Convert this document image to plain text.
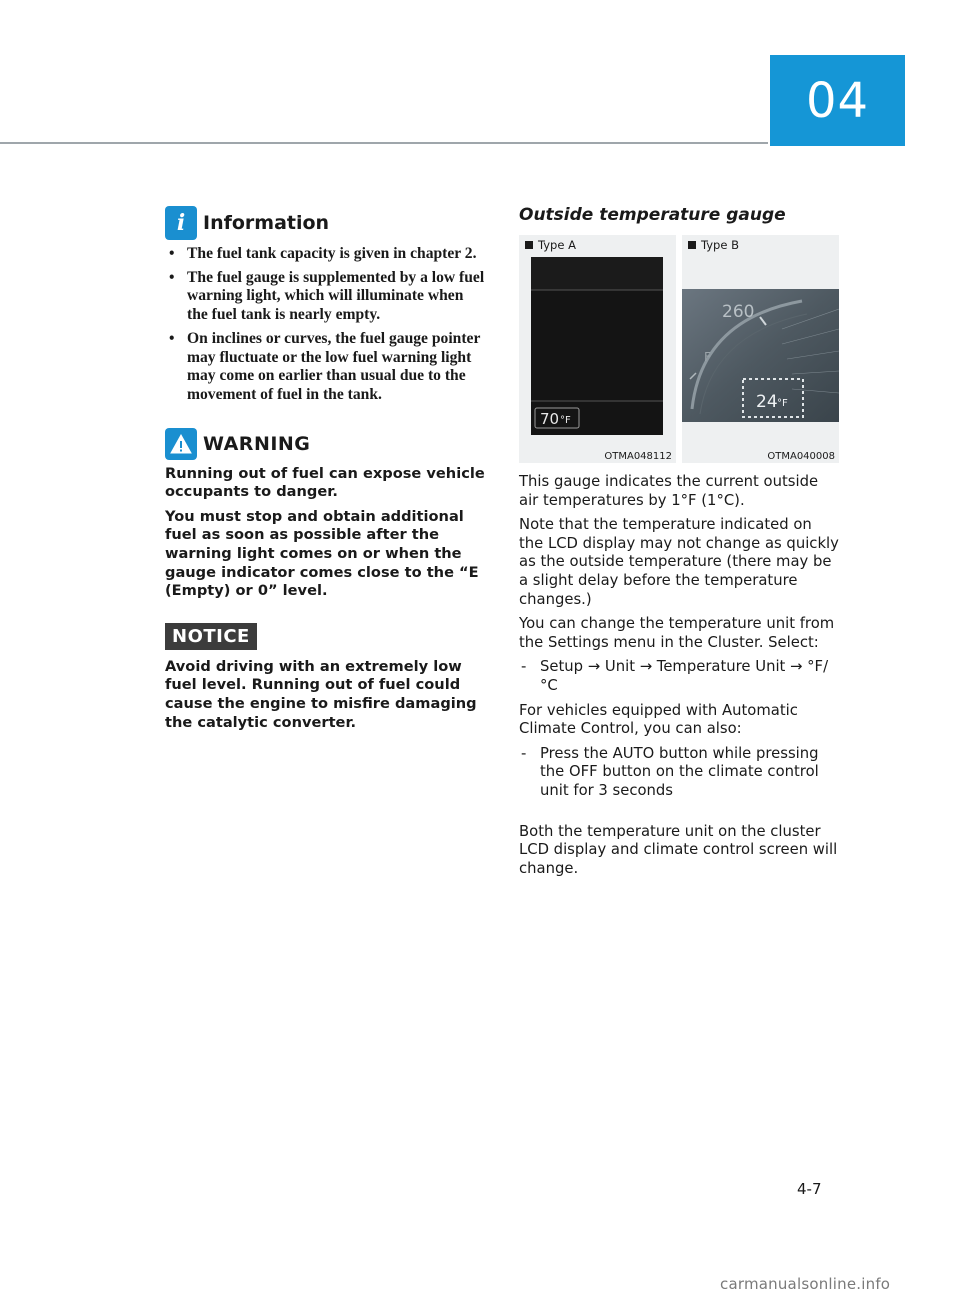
04
i Information
• The fuel tank capacity is given in chapter 2.
• The fuel gauge is supplemented by a low fuel warning light, which will illuminate when the fuel tank is nearly empty.
• On inclines or curves, the fuel gauge pointer may fluctuate or the low fuel warning light may come on earlier than usual due to the movement of fuel in the tank.
WARNING

Running out of fuel can expose vehicle occupants to danger.

You must stop and obtain additional fuel as soon as possible after the warning light comes on or when the gauge indicator comes close to the “E (Empty) or 0” level.

NOTICE

Avoid driving with an extremely low fuel level. Running out of fuel could cause the engine to misfire damaging the catalytic converter.

Outside temperature gauge
Type A
70 °F
OTMA048112
Type B
260
F
24 °F
OTMA040008

This gauge indicates the current outside air temperatures by 1°F (1°C).

Note that the temperature indicated on the LCD display may not change as quickly as the outside temperature (there may be a slight delay before the temperature changes.)

You can change the temperature unit from the Settings menu in the Cluster. Select:

- Setup → Unit → Temperature Unit → °F/°C

For vehicles equipped with Automatic Climate Control, you can also:

- Press the AUTO button while pressing the OFF button on the climate control unit for 3 seconds

Both the temperature unit on the cluster LCD display and climate control screen will change.

4-7
carmanualsonline.info
